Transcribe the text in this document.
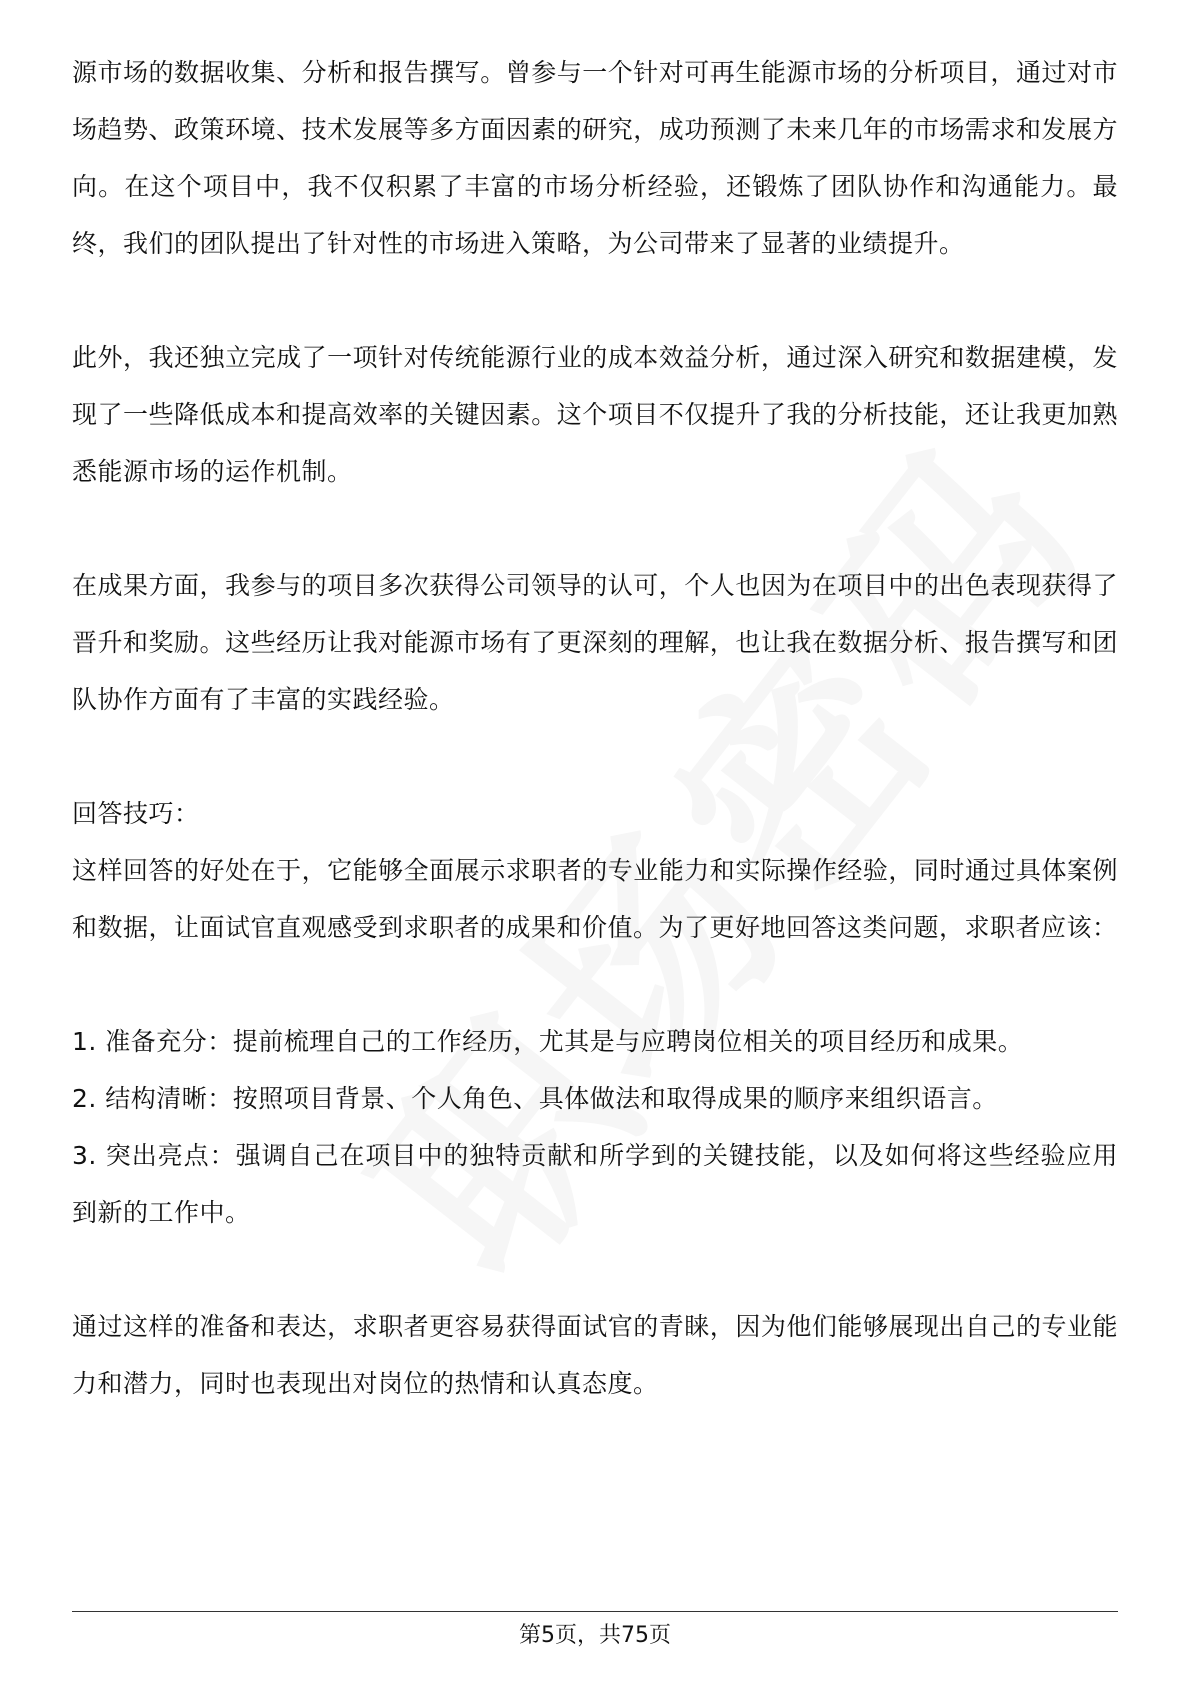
源市场的数据收集、分析和报告撰写。曾参与一个针对可再生能源市场的分析项目，通过对市场趋势、政策环境、技术发展等多方面因素的研究，成功预测了未来几年的市场需求和发展方向。在这个项目中，我不仅积累了丰富的市场分析经验，还锻炼了团队协作和沟通能力。最终，我们的团队提出了针对性的市场进入策略，为公司带来了显著的业绩提升。

此外，我还独立完成了一项针对传统能源行业的成本效益分析，通过深入研究和数据建模，发现了一些降低成本和提高效率的关键因素。这个项目不仅提升了我的分析技能，还让我更加熟悉能源市场的运作机制。

在成果方面，我参与的项目多次获得公司领导的认可，个人也因为在项目中的出色表现获得了晋升和奖励。这些经历让我对能源市场有了更深刻的理解，也让我在数据分析、报告撰写和团队协作方面有了丰富的实践经验。

回答技巧：

这样回答的好处在于，它能够全面展示求职者的专业能力和实际操作经验，同时通过具体案例和数据，让面试官直观感受到求职者的成果和价值。为了更好地回答这类问题，求职者应该：

1. 准备充分：提前梳理自己的工作经历，尤其是与应聘岗位相关的项目经历和成果。

2. 结构清晰：按照项目背景、个人角色、具体做法和取得成果的顺序来组织语言。

3. 突出亮点：强调自己在项目中的独特贡献和所学到的关键技能，以及如何将这些经验应用到新的工作中。

通过这样的准备和表达，求职者更容易获得面试官的青睐，因为他们能够展现出自己的专业能力和潜力，同时也表现出对岗位的热情和认真态度。

第5页，共75页
